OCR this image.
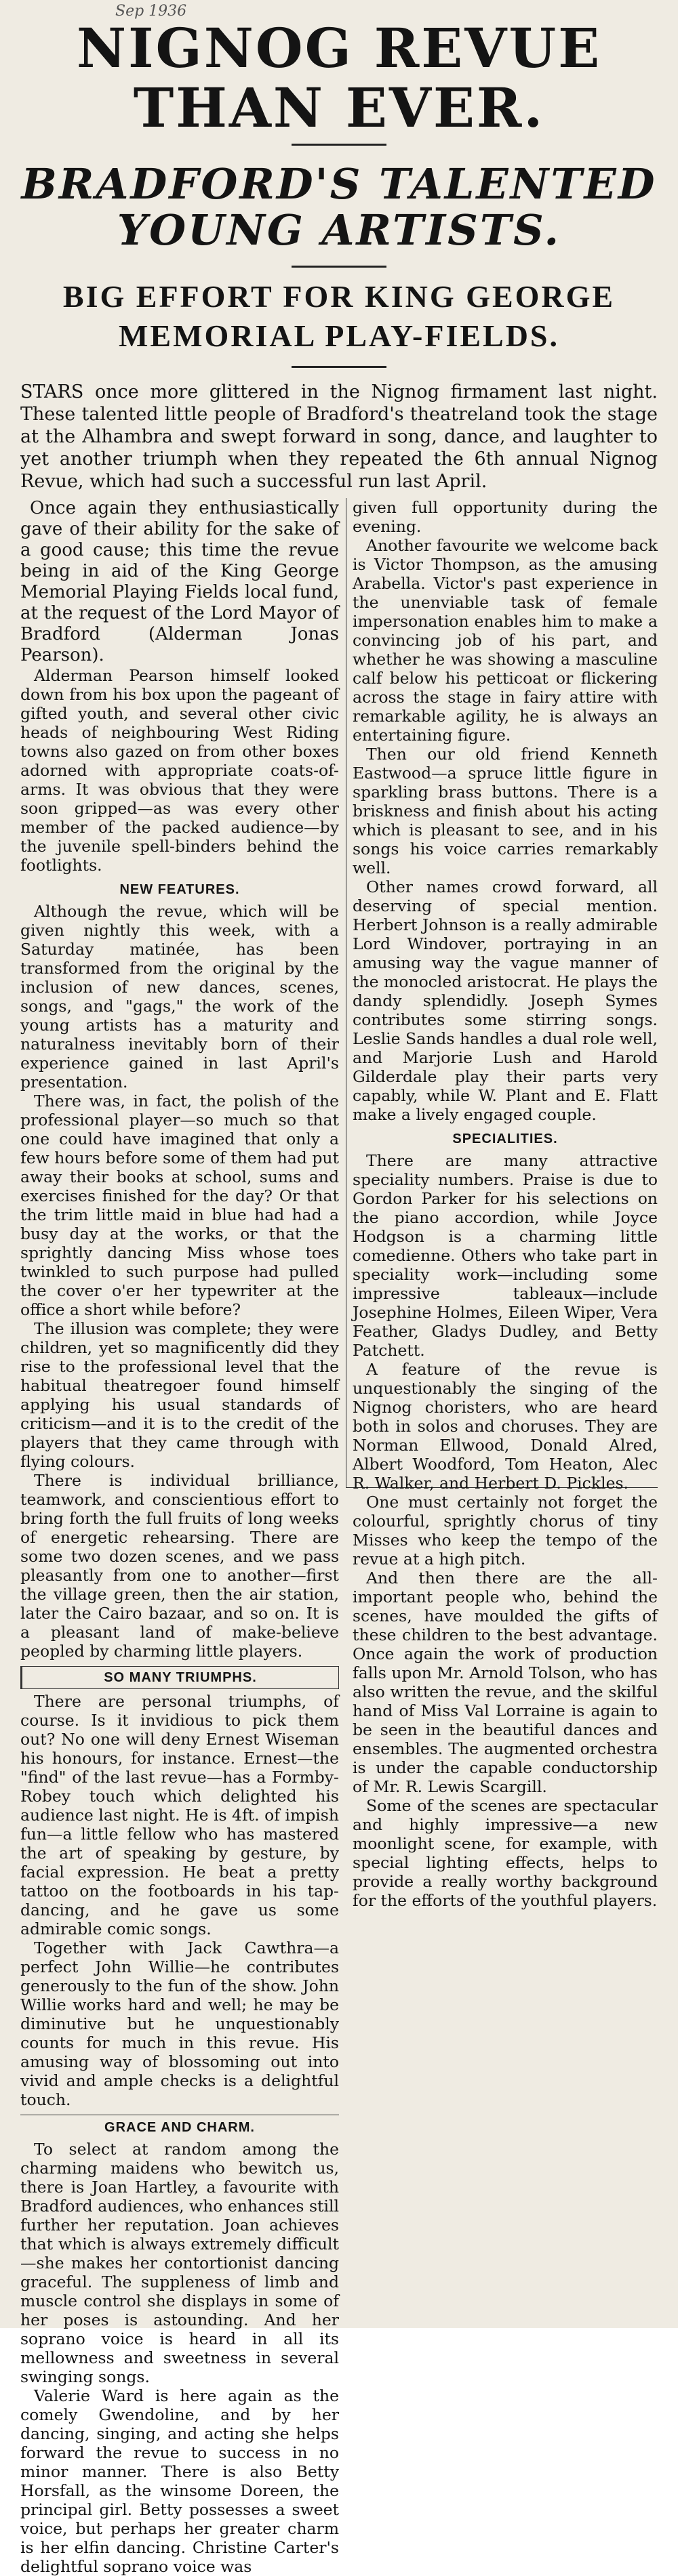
Sep 1936
NIGNOG REVUE
THAN EVER.
BRADFORD'S TALENTED
YOUNG ARTISTS.
BIG EFFORT FOR KING GEORGE
MEMORIAL PLAY-FIELDS.
STARS once more glittered in the Nignog firmament last night. These talented little people of Bradford's theatreland took the stage at the Alhambra and swept forward in song, dance, and laughter to yet another triumph when they repeated the 6th annual Nignog Revue, which had such a successful run last April.

Once again they enthusiastically gave of their ability for the sake of a good cause; this time the revue being in aid of the King George Memorial Playing Fields local fund, at the request of the Lord Mayor of Bradford (Alderman Jonas Pearson).

Alderman Pearson himself looked down from his box upon the pageant of gifted youth, and several other civic heads of neighbouring West Riding towns also gazed on from other boxes adorned with appropriate coats-of-arms. It was obvious that they were soon gripped—as was every other member of the packed audience—by the juvenile spell-binders behind the footlights.

NEW FEATURES.

Although the revue, which will be given nightly this week, with a Saturday matinée, has been transformed from the original by the inclusion of new dances, scenes, songs, and "gags," the work of the young artists has a maturity and naturalness inevitably born of their experience gained in last April's presentation.

There was, in fact, the polish of the professional player—so much so that one could have imagined that only a few hours before some of them had put away their books at school, sums and exercises finished for the day? Or that the trim little maid in blue had had a busy day at the works, or that the sprightly dancing Miss whose toes twinkled to such purpose had pulled the cover o'er her typewriter at the office a short while before?

The illusion was complete; they were children, yet so magnificently did they rise to the professional level that the habitual theatregoer found himself applying his usual standards of criticism—and it is to the credit of the players that they came through with flying colours.

There is individual brilliance, teamwork, and conscientious effort to bring forth the full fruits of long weeks of energetic rehearsing. There are some two dozen scenes, and we pass pleasantly from one to another—first the village green, then the air station, later the Cairo bazaar, and so on. It is a pleasant land of make-believe peopled by charming little players.

SO MANY TRIUMPHS.

There are personal triumphs, of course. Is it invidious to pick them out? No one will deny Ernest Wiseman his honours, for instance. Ernest—the "find" of the last revue—has a Formby-Robey touch which delighted his audience last night. He is 4ft. of impish fun—a little fellow who has mastered the art of speaking by gesture, by facial expression. He beat a pretty tattoo on the footboards in his tap-dancing, and he gave us some admirable comic songs.

Together with Jack Cawthra—a perfect John Willie—he contributes generously to the fun of the show. John Willie works hard and well; he may be diminutive but he unquestionably counts for much in this revue. His amusing way of blossoming out into vivid and ample checks is a delightful touch.

GRACE AND CHARM.

To select at random among the charming maidens who bewitch us, there is Joan Hartley, a favourite with Bradford audiences, who enhances still further her reputation. Joan achieves that which is always extremely difficult—she makes her contortionist dancing graceful. The suppleness of limb and muscle control she displays in some of her poses is astounding. And her soprano voice is heard in all its mellowness and sweetness in several swinging songs.

Valerie Ward is here again as the comely Gwendoline, and by her dancing, singing, and acting she helps forward the revue to success in no minor manner. There is also Betty Horsfall, as the winsome Doreen, the principal girl. Betty possesses a sweet voice, but perhaps her greater charm is her elfin dancing. Christine Carter's delightful soprano voice was

given full opportunity during the evening.

Another favourite we welcome back is Victor Thompson, as the amusing Arabella. Victor's past experience in the unenviable task of female impersonation enables him to make a convincing job of his part, and whether he was showing a masculine calf below his petticoat or flickering across the stage in fairy attire with remarkable agility, he is always an entertaining figure.

Then our old friend Kenneth Eastwood—a spruce little figure in sparkling brass buttons. There is a briskness and finish about his acting which is pleasant to see, and in his songs his voice carries remarkably well.

Other names crowd forward, all deserving of special mention. Herbert Johnson is a really admirable Lord Windover, portraying in an amusing way the vague manner of the monocled aristocrat. He plays the dandy splendidly. Joseph Symes contributes some stirring songs. Leslie Sands handles a dual role well, and Marjorie Lush and Harold Gilderdale play their parts very capably, while W. Plant and E. Flatt make a lively engaged couple.

SPECIALITIES.

There are many attractive speciality numbers. Praise is due to Gordon Parker for his selections on the piano accordion, while Joyce Hodgson is a charming little comedienne. Others who take part in speciality work—including some impressive tableaux—include Josephine Holmes, Eileen Wiper, Vera Feather, Gladys Dudley, and Betty Patchett.

A feature of the revue is unquestionably the singing of the Nignog choristers, who are heard both in solos and choruses. They are Norman Ellwood, Donald Alred, Albert Woodford, Tom Heaton, Alec R. Walker, and Herbert D. Pickles.

One must certainly not forget the colourful, sprightly chorus of tiny Misses who keep the tempo of the revue at a high pitch.

And then there are the all-important people who, behind the scenes, have moulded the gifts of these children to the best advantage. Once again the work of production falls upon Mr. Arnold Tolson, who has also written the revue, and the skilful hand of Miss Val Lorraine is again to be seen in the beautiful dances and ensembles. The augmented orchestra is under the capable conductorship of Mr. R. Lewis Scargill.

Some of the scenes are spectacular and highly impressive—a new moonlight scene, for example, with special lighting effects, helps to provide a really worthy background for the efforts of the youthful players.
